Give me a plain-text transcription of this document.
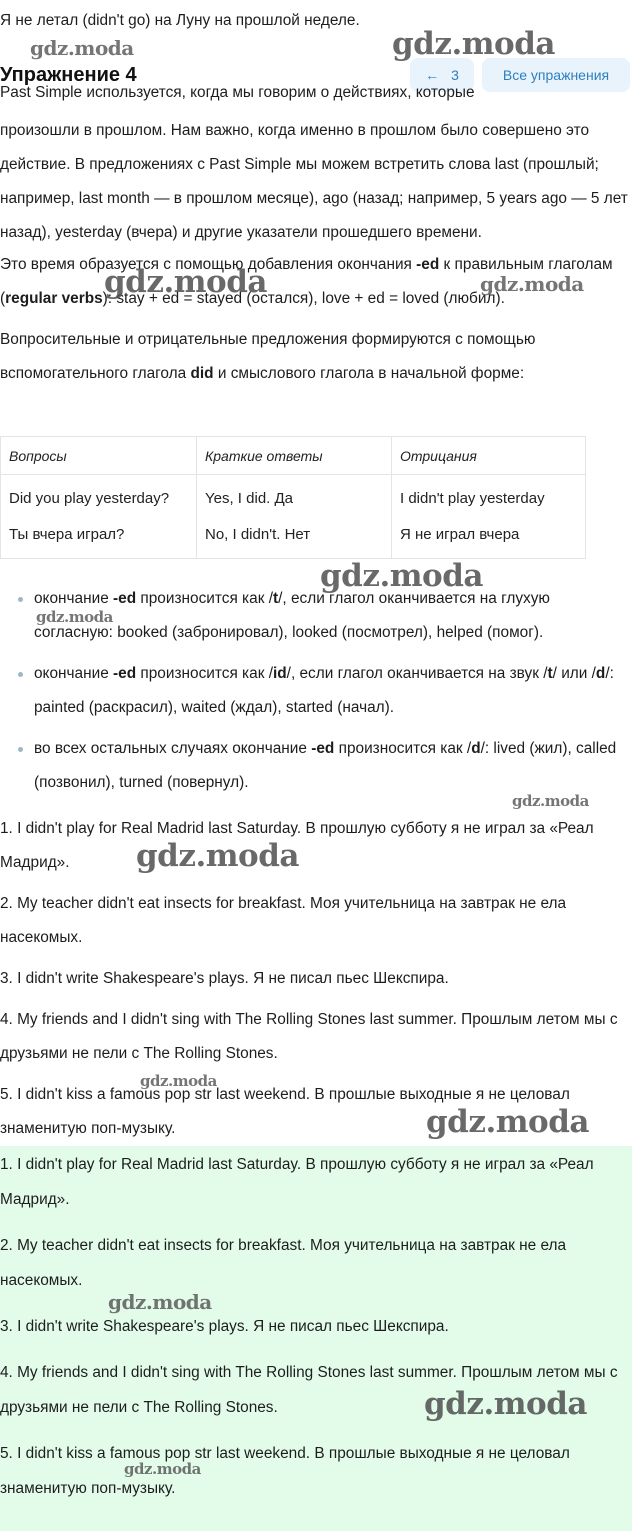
Я не летал (didn't go) на Луну на прошлой неделе.
Упражнение 4	← 3	Все упражнения

Past Simple используется, когда мы говорим о действиях, которые

произошли в прошлом. Нам важно, когда именно в прошлом было совершено это действие. В предложениях с Past Simple мы можем встретить слова last (прошлый; например, last month — в прошлом месяце), ago (назад; например, 5 years ago — 5 лет назад), yesterday (вчера) и другие указатели прошедшего времени.

Это время образуется с помощью добавления окончания -ed к правильным глаголам (regular verbs): stay + ed = stayed (остался), love + ed = loved (любил).

Вопросительные и отрицательные предложения формируются с помощью вспомогательного глагола did и смыслового глагола в начальной форме:

Вопросы	Краткие ответы	Отрицания
Did you play yesterday?	Yes, I did. Да	I didn't play yesterday
Ты вчера играл?	No, I didn't. Нет	Я не играл вчера
окончание -ed произносится как /t/, если глагол оканчивается на глухую согласную: booked (забронировал), looked (посмотрел), helped (помог).
окончание -ed произносится как /id/, если глагол оканчивается на звук /t/ или /d/: painted (раскрасил), waited (ждал), started (начал).
во всех остальных случаях окончание -ed произносится как /d/: lived (жил), called (позвонил), turned (повернул).

1. I didn't play for Real Madrid last Saturday. В прошлую субботу я не играл за «Реал Мадрид».

2. My teacher didn't eat insects for breakfast. Моя учительница на завтрак не ела насекомых.

3. I didn't write Shakespeare's plays. Я не писал пьес Шекспира.

4. My friends and I didn't sing with The Rolling Stones last summer. Прошлым летом мы с друзьями не пели с The Rolling Stones.

5. I didn't kiss a famous pop str last weekend. В прошлые выходные я не целовал знаменитую поп-музыку.

1. I didn't play for Real Madrid last Saturday. В прошлую субботу я не играл за «Реал Мадрид».

2. My teacher didn't eat insects for breakfast. Моя учительница на завтрак не ела насекомых.

3. I didn't write Shakespeare's plays. Я не писал пьес Шекспира.

4. My friends and I didn't sing with The Rolling Stones last summer. Прошлым летом мы с друзьями не пели с The Rolling Stones.

5. I didn't kiss a famous pop str last weekend. В прошлые выходные я не целовал знаменитую поп-музыку.

gdz.moda	gdz.moda
gdz.moda	gdz.moda
gdz.moda
gdz.moda
gdz.moda
gdz.moda
gdz.moda
gdz.moda
gdz.moda
gdz.moda
gdz.moda
